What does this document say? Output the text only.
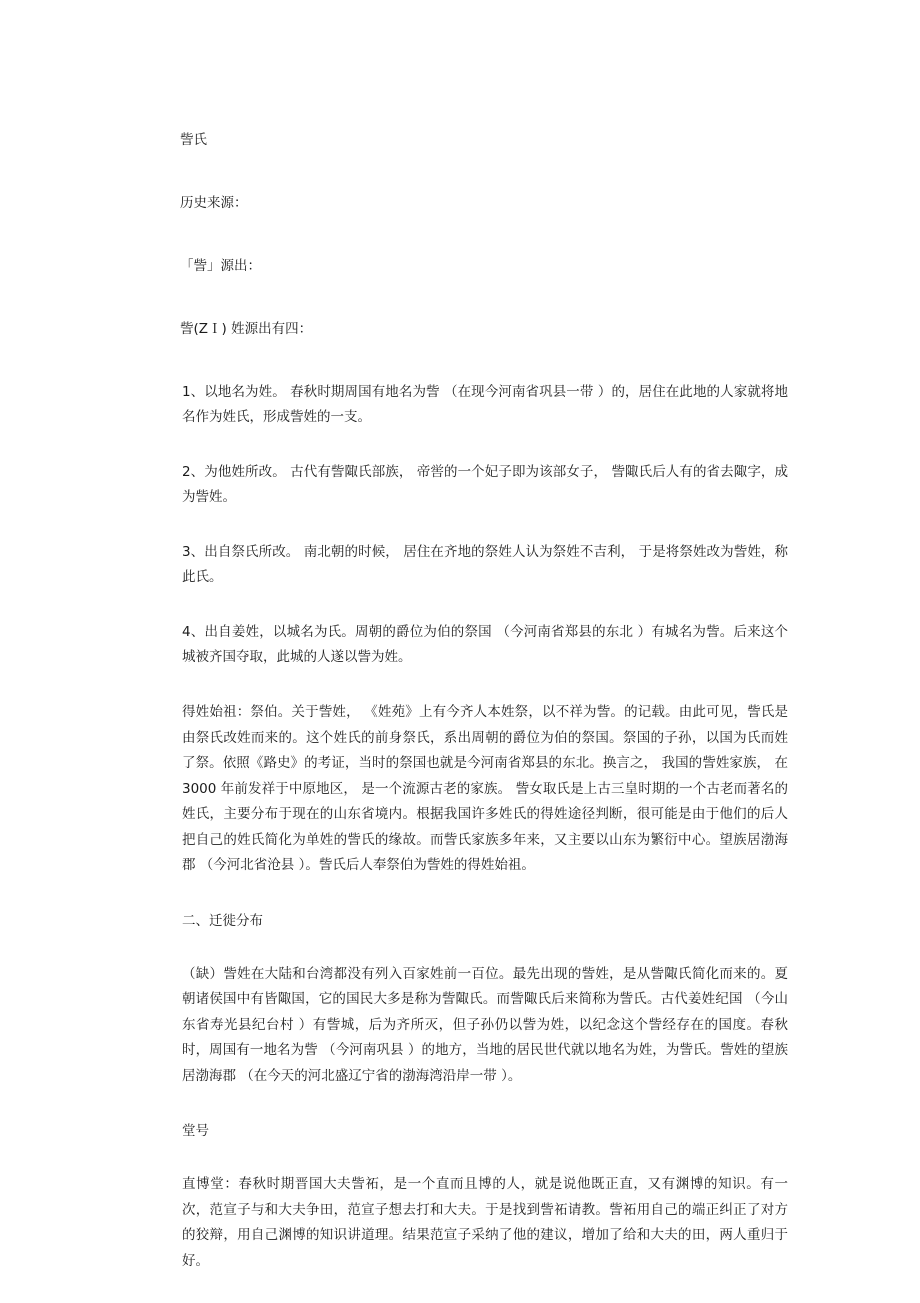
訾氏

历史来源：

「訾」源出：

訾(ZＩ) 姓源出有四：

1、以地名为姓。 春秋时期周国有地名为訾 （在现今河南省巩县一带 ）的，居住在此地的人家就将地名作为姓氏，形成訾姓的一支。

2、为他姓所改。 古代有訾陬氏部族， 帝喾的一个妃子即为该部女子， 訾陬氏后人有的省去陬字，成为訾姓。

3、出自祭氏所改。 南北朝的时候， 居住在齐地的祭姓人认为祭姓不吉利， 于是将祭姓改为訾姓，称此氏。

4、出自姜姓，以城名为氏。周朝的爵位为伯的祭国 （今河南省郑县的东北 ）有城名为訾。后来这个城被齐国夺取，此城的人遂以訾为姓。

得姓始祖：祭伯。关于訾姓， 《姓苑》上有今齐人本姓祭，以不祥为訾。的记载。由此可见，訾氏是由祭氏改姓而来的。这个姓氏的前身祭氏，系出周朝的爵位为伯的祭国。祭国的子孙，以国为氏而姓了祭。依照《路史》的考证，当时的祭国也就是今河南省郑县的东北。换言之， 我国的訾姓家族， 在 3000 年前发祥于中原地区， 是一个流源古老的家族。 訾女取氏是上古三皇时期的一个古老而著名的姓氏，主要分布于现在的山东省境内。根据我国许多姓氏的得姓途径判断，很可能是由于他们的后人把自己的姓氏简化为单姓的訾氏的缘故。而訾氏家族多年来，又主要以山东为繁衍中心。望族居渤海郡 （今河北省沧县 ）。訾氏后人奉祭伯为訾姓的得姓始祖。

二、迁徙分布

（缺）訾姓在大陆和台湾都没有列入百家姓前一百位。最先出现的訾姓，是从訾陬氏简化而来的。夏朝诸侯国中有皆陬国，它的国民大多是称为訾陬氏。而訾陬氏后来简称为訾氏。古代姜姓纪国 （今山东省寿光县纪台村 ）有訾城，后为齐所灭，但子孙仍以訾为姓，以纪念这个訾经存在的国度。春秋时，周国有一地名为訾 （今河南巩县 ）的地方，当地的居民世代就以地名为姓，为訾氏。訾姓的望族居渤海郡 （在今天的河北盛辽宁省的渤海湾沿岸一带 ）。

堂号

直博堂：春秋时期晋国大夫訾祏，是一个直而且博的人，就是说他既正直，又有渊博的知识。有一次，范宣子与和大夫争田，范宣子想去打和大夫。于是找到訾祏请教。訾祏用自己的端正纠正了对方的狡辩，用自己渊博的知识讲道理。结果范宣子采纳了他的建议，增加了给和大夫的田，两人重归于好。
